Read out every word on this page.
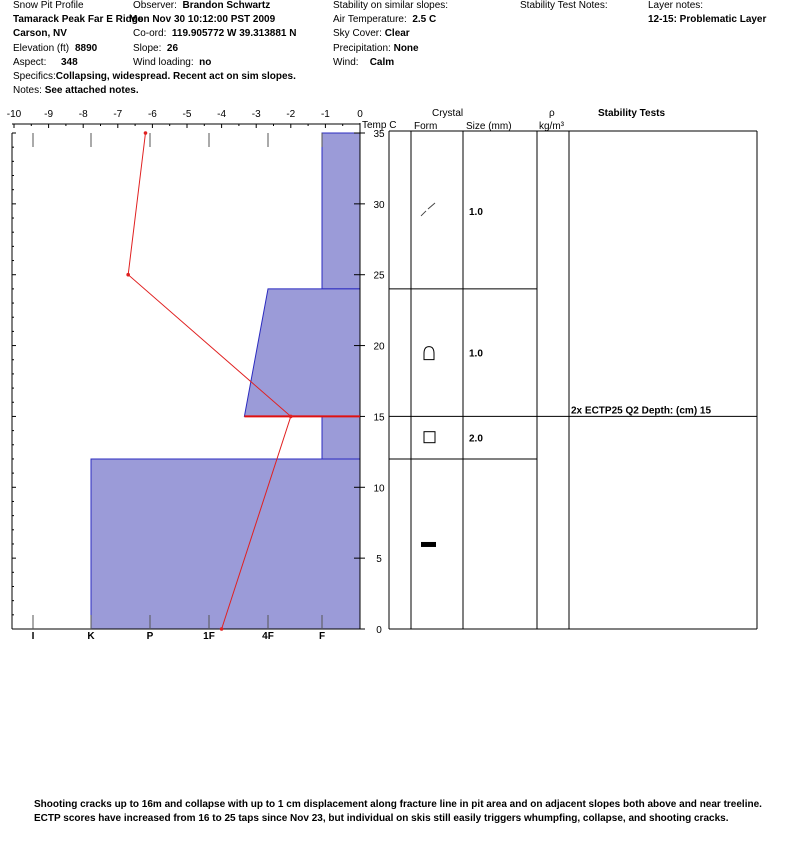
Snow Pit Profile
Tamarack Peak Far E Ridge
Carson, NV
Elevation (ft) 8890
Aspect: 348
Specifics:Collapsing, widespread. Recent act on sim slopes.
Notes: See attached notes.
Observer: Brandon Schwartz
Mon Nov 30 10:12:00 PST 2009
Co-ord: 119.905772 W 39.313881 N
Slope: 26
Wind loading: no
Stability on similar slopes:
Air Temperature: 2.5 C
Sky Cover: Clear
Precipitation: None
Wind: Calm
Stability Test Notes:	Layer notes:
12-15: Problematic Layer
-10 -9	-8	-7	-6	-5	-4	-3	-2	-1	0
35
30
25
20
15
10
5
0
I	K	P	1F	4F	F
1.0
1.0
2.0
2x ECTP25 Q2 Depth: (cm) 15
Temp C
Crystal
Form	Size (mm)
ρ
kg/m³
Stability Tests
Shooting cracks up to 16m and collapse with up to 1 cm displacement along fracture line in pit area and on adjacent slopes both above and near treeline. ECTP scores have increased from 16 to 25 taps since Nov 23, but individual on skis still easily triggers whumpfing, collapse, and shooting cracks.
